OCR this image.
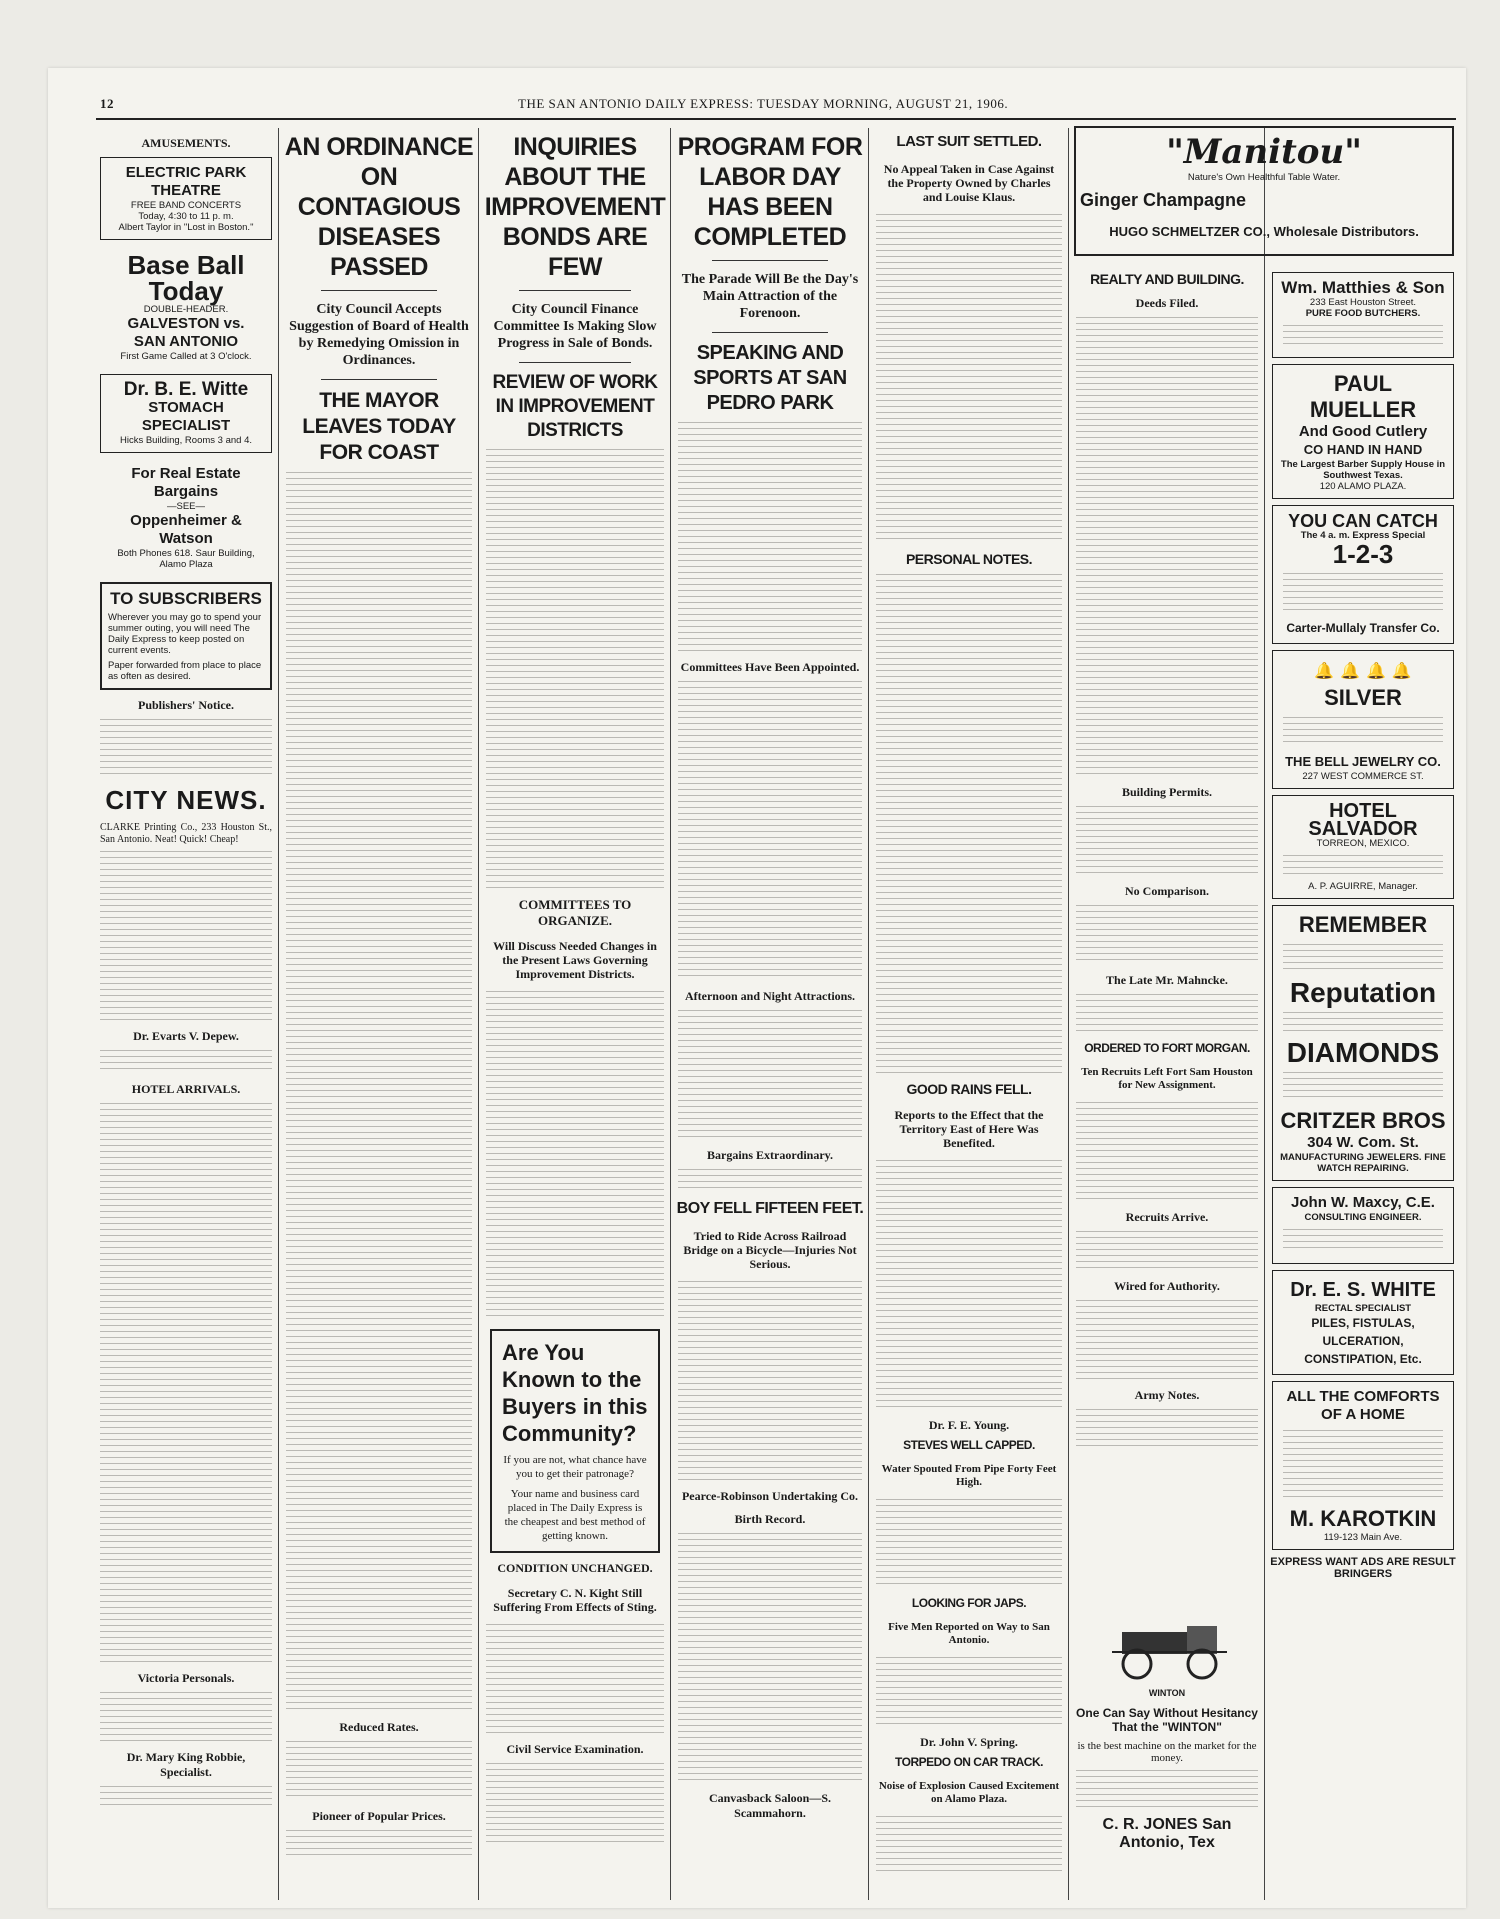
12	THE SAN ANTONIO DAILY EXPRESS: TUESDAY MORNING, AUGUST 21, 1906.
AMUSEMENTS.
ELECTRIC PARK THEATRE
FREE BAND CONCERTS
Today, 4:30 to 11 p. m.
Albert Taylor in "Lost in Boston."
Base Ball Today
DOUBLE-HEADER.
GALVESTON vs.
SAN ANTONIO
First Game Called at 3 O'clock.
Dr. B. E. Witte
STOMACH
SPECIALIST
Hicks Building, Rooms 3 and 4.
For Real Estate Bargains
—SEE—
Oppenheimer & Watson
Both Phones 618. Saur Building, Alamo Plaza
TO SUBSCRIBERS
Wherever you may go to spend your summer outing, you will need The Daily Express to keep posted on current events.
Paper forwarded from place to place as often as desired.
Publishers' Notice.
CITY NEWS.
CLARKE Printing Co., 233 Houston St., San Antonio. Neat! Quick! Cheap!
Dr. Evarts V. Depew.
HOTEL ARRIVALS.
Victoria Personals.
Dr. Mary King Robbie, Specialist.
AN ORDINANCE ON CONTAGIOUS DISEASES PASSED
City Council Accepts Suggestion of Board of Health by Remedying Omission in Ordinances.
THE MAYOR LEAVES TODAY FOR COAST
Reduced Rates.
Pioneer of Popular Prices.
INQUIRIES ABOUT THE IMPROVEMENT BONDS ARE FEW
City Council Finance Committee Is Making Slow Progress in Sale of Bonds.
REVIEW OF WORK IN IMPROVEMENT DISTRICTS
COMMITTEES TO ORGANIZE.
Will Discuss Needed Changes in the Present Laws Governing Improvement Districts.
Are You Known to the Buyers in this Community?
If you are not, what chance have you to get their patronage?
Your name and business card placed in The Daily Express is the cheapest and best method of getting known.
CONDITION UNCHANGED.
Secretary C. N. Kight Still Suffering From Effects of Sting.
Civil Service Examination.
PROGRAM FOR LABOR DAY HAS BEEN COMPLETED
The Parade Will Be the Day's Main Attraction of the Forenoon.
SPEAKING AND SPORTS AT SAN PEDRO PARK
Committees Have Been Appointed.
Afternoon and Night Attractions.
Bargains Extraordinary.
BOY FELL FIFTEEN FEET.
Tried to Ride Across Railroad Bridge on a Bicycle—Injuries Not Serious.
Pearce-Robinson Undertaking Co.
Birth Record.
Canvasback Saloon—S. Scammahorn.
LAST SUIT SETTLED.
No Appeal Taken in Case Against the Property Owned by Charles and Louise Klaus.
PERSONAL NOTES.
GOOD RAINS FELL.
Reports to the Effect that the Territory East of Here Was Benefited.
Dr. F. E. Young.
STEVES WELL CAPPED.
Water Spouted From Pipe Forty Feet High.
LOOKING FOR JAPS.
Five Men Reported on Way to San Antonio.
Dr. John V. Spring.
TORPEDO ON CAR TRACK.
Noise of Explosion Caused Excitement on Alamo Plaza.
"Manitou"
Nature's Own Healthful Table Water.
Ginger Champagne
HUGO SCHMELTZER CO., Wholesale Distributors.
REALTY AND BUILDING.
Deeds Filed.
Building Permits.
No Comparison.
The Late Mr. Mahncke.
ORDERED TO FORT MORGAN.
Ten Recruits Left Fort Sam Houston for New Assignment.
Recruits Arrive.
Wired for Authority.
Army Notes.
WINTON
One Can Say Without Hesitancy That the "WINTON"
is the best machine on the market for the money.
C. R. JONES San Antonio, Tex
Wm. Matthies & Son
233 East Houston Street.
PURE FOOD BUTCHERS.
PAUL MUELLER
And Good Cutlery
CO HAND IN HAND
The Largest Barber Supply House in Southwest Texas.
120 ALAMO PLAZA.
YOU CAN CATCH
The 4 a. m. Express Special
1-2-3
Carter-Mullaly Transfer Co.
🔔 🔔 🔔 🔔
SILVER
THE BELL JEWELRY CO.
227 WEST COMMERCE ST.
HOTEL SALVADOR
TORREON, MEXICO.
A. P. AGUIRRE, Manager.
REMEMBER
Reputation
DIAMONDS
CRITZER BROS
304 W. Com. St.
MANUFACTURING JEWELERS. FINE WATCH REPAIRING.
John W. Maxcy, C.E.
CONSULTING ENGINEER.
Dr. E. S. WHITE
RECTAL SPECIALIST
PILES, FISTULAS, ULCERATION, CONSTIPATION, Etc.
ALL THE COMFORTS OF A HOME
M. KAROTKIN
119-123 Main Ave.
EXPRESS WANT ADS ARE RESULT BRINGERS
